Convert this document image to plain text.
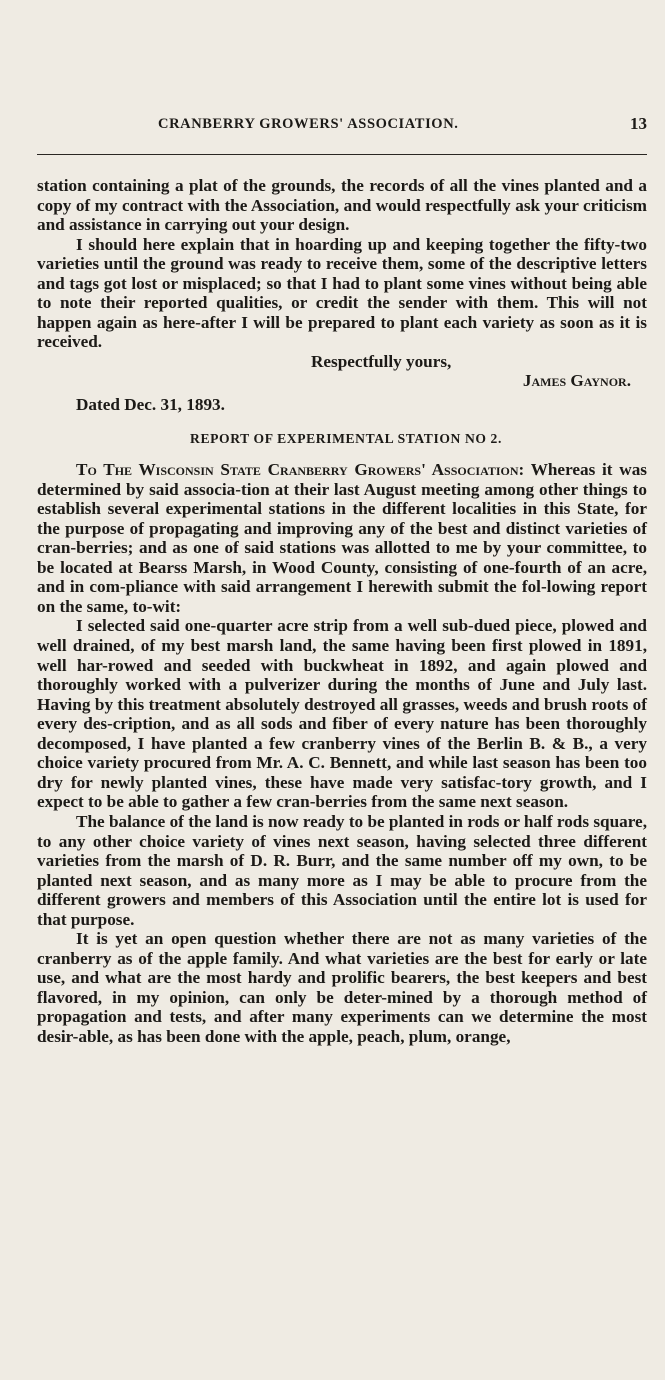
CRANBERRY GROWERS' ASSOCIATION.	13

station containing a plat of the grounds, the records of all the vines planted and a copy of my contract with the Association, and would respectfully ask your criticism and assistance in carrying out your design.

I should here explain that in hoarding up and keeping together the fifty-two varieties until the ground was ready to receive them, some of the descriptive letters and tags got lost or misplaced; so that I had to plant some vines without being able to note their reported qualities, or credit the sender with them. This will not happen again as here-after I will be prepared to plant each variety as soon as it is received.

Respectfully yours,

James Gaynor.

Dated Dec. 31, 1893.

REPORT OF EXPERIMENTAL STATION NO 2.

To The Wisconsin State Cranberry Growers' Association: Whereas it was determined by said associa-tion at their last August meeting among other things to establish several experimental stations in the different localities in this State, for the purpose of propagating and improving any of the best and distinct varieties of cran-berries; and as one of said stations was allotted to me by your committee, to be located at Bearss Marsh, in Wood County, consisting of one-fourth of an acre, and in com-pliance with said arrangement I herewith submit the fol-lowing report on the same, to-wit:

I selected said one-quarter acre strip from a well sub-dued piece, plowed and well drained, of my best marsh land, the same having been first plowed in 1891, well har-rowed and seeded with buckwheat in 1892, and again plowed and thoroughly worked with a pulverizer during the months of June and July last. Having by this treatment absolutely destroyed all grasses, weeds and brush roots of every des-cription, and as all sods and fiber of every nature has been thoroughly decomposed, I have planted a few cranberry vines of the Berlin B. & B., a very choice variety procured from Mr. A. C. Bennett, and while last season has been too dry for newly planted vines, these have made very satisfac-tory growth, and I expect to be able to gather a few cran-berries from the same next season.

The balance of the land is now ready to be planted in rods or half rods square, to any other choice variety of vines next season, having selected three different varieties from the marsh of D. R. Burr, and the same number off my own, to be planted next season, and as many more as I may be able to procure from the different growers and members of this Association until the entire lot is used for that purpose.

It is yet an open question whether there are not as many varieties of the cranberry as of the apple family. And what varieties are the best for early or late use, and what are the most hardy and prolific bearers, the best keepers and best flavored, in my opinion, can only be deter-mined by a thorough method of propagation and tests, and after many experiments can we determine the most desir-able, as has been done with the apple, peach, plum, orange,
